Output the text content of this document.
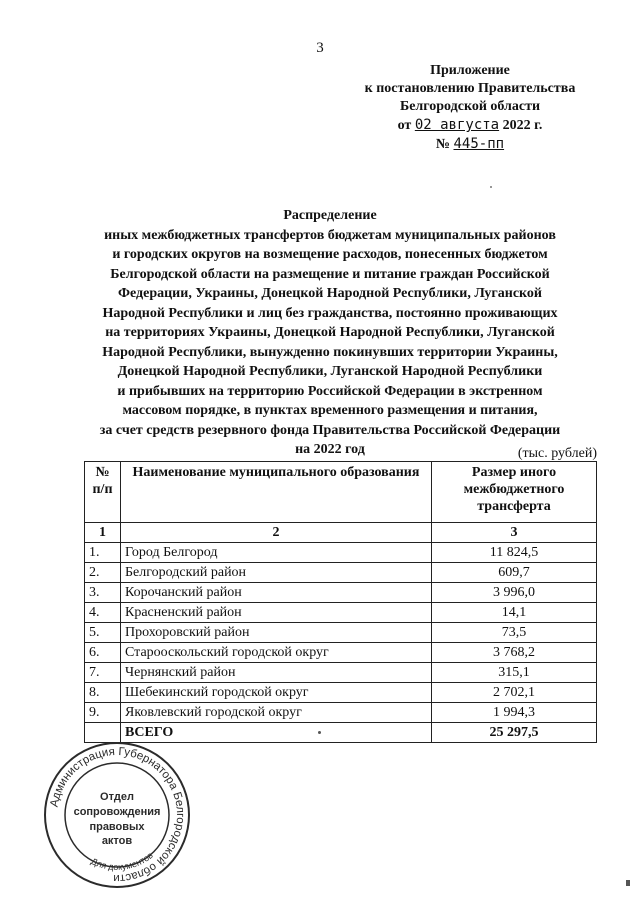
3
Приложение
к постановлению Правительства
Белгородской области
от 02 августа 2022 г.
№ 445-пп
Распределение
иных межбюджетных трансфертов бюджетам муниципальных районов
и городских округов на возмещение расходов, понесенных бюджетом
Белгородской области на размещение и питание граждан Российской
Федерации, Украины, Донецкой Народной Республики, Луганской
Народной Республики и лиц без гражданства, постоянно проживающих
на территориях Украины, Донецкой Народной Республики, Луганской
Народной Республики, вынужденно покинувших территории Украины,
Донецкой Народной Республики, Луганской Народной Республики
и прибывших на территорию Российской Федерации в экстренном
массовом порядке, в пунктах временного размещения и питания,
за счет средств резервного фонда Правительства Российской Федерации
на 2022 год	(тыс. рублей)
№ п/п	Наименование муниципального образования	Размер иного межбюджетного трансферта
1	2	3
1.	Город Белгород	11 824,5
2.	Белгородский район	609,7
3.	Корочанский район	3 996,0
4.	Красненский район	14,1
5.	Прохоровский район	73,5
6.	Старооскольский городской округ	3 768,2
7.	Чернянский район	315,1
8.	Шебекинский городской округ	2 702,1
9.	Яковлевский городской округ	1 994,3
	ВСЕГО	25 297,5
Администрация Губернатора Белгородской области
Для документов
Отдел
сопровождения
правовых
актов
